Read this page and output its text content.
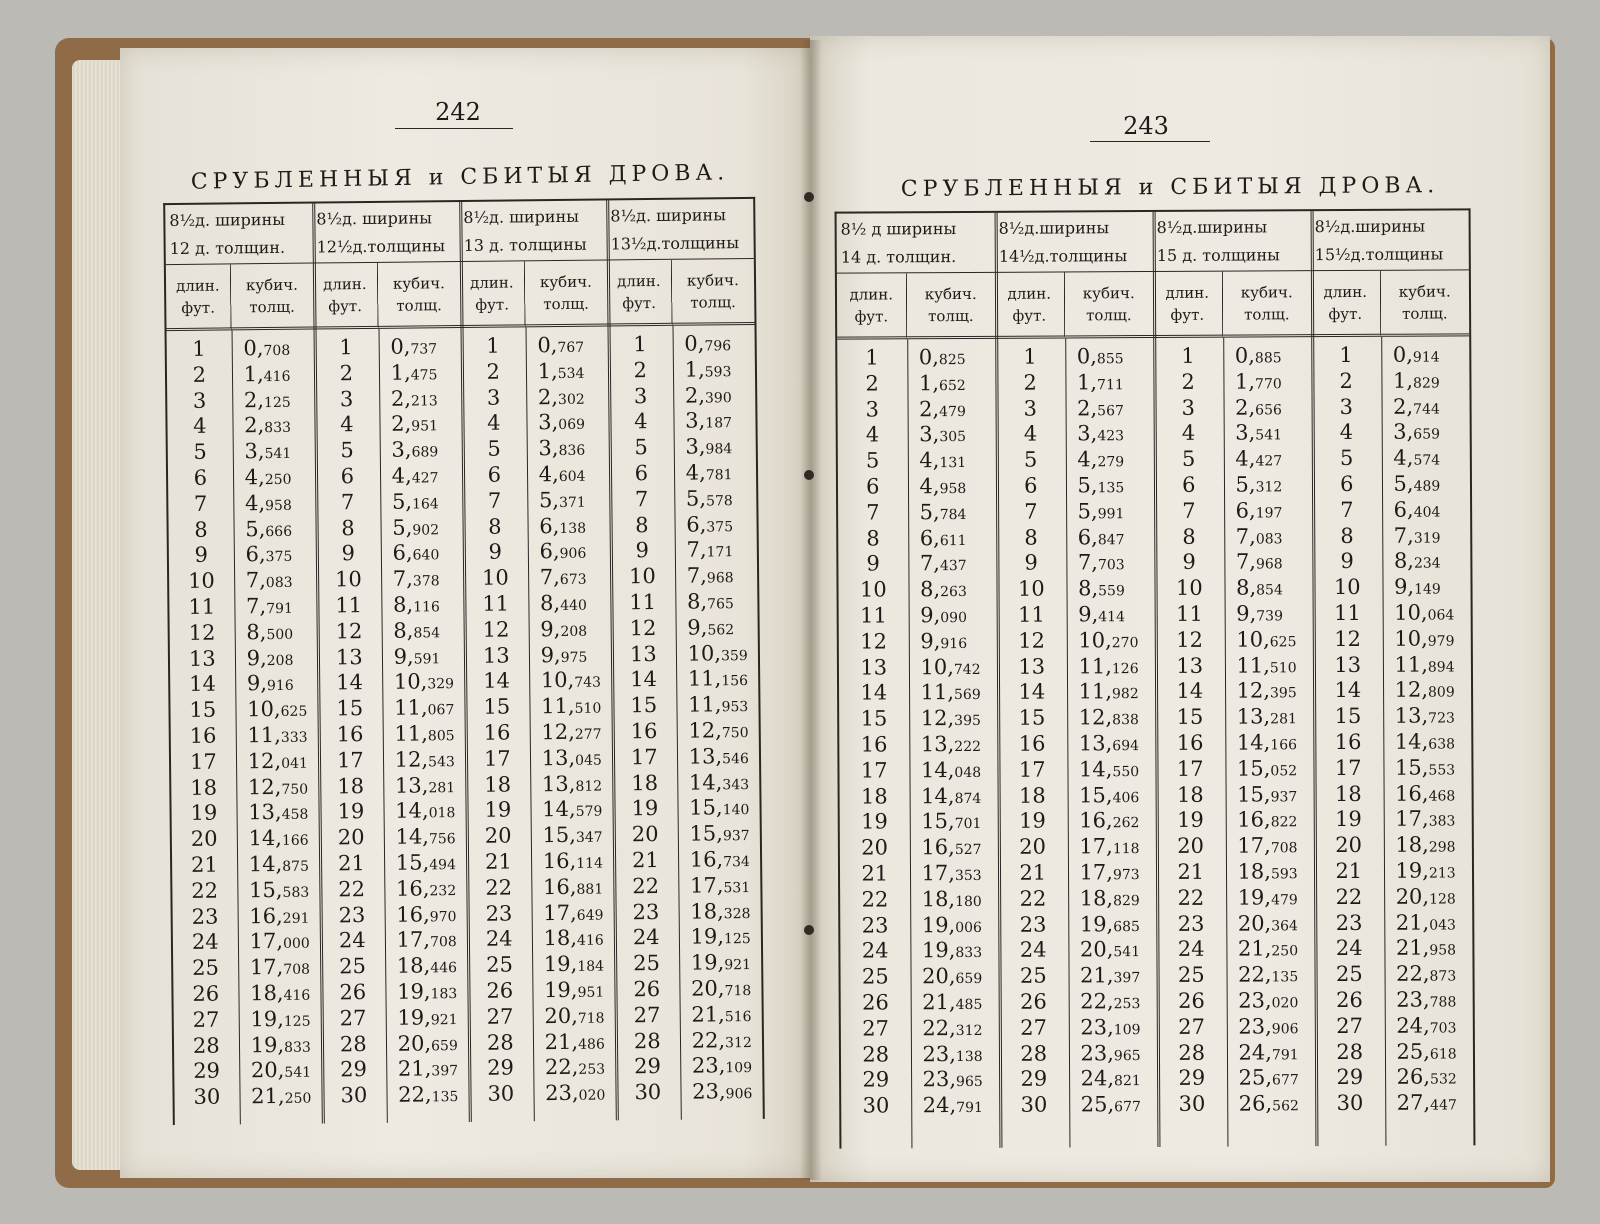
242
СРУБЛЕННЫЯ и СБИТЫЯ ДРОВА.
8½д. ширины
12 д. толщин.
длин.
фут.
кубич.
толщ.
1	0,708
2	1,416
3	2,125
4	2,833
5	3,541
6	4,250
7	4,958
8	5,666
9	6,375
10	7,083
11	7,791
12	8,500
13	9,208
14	9,916
15	10,625
16	11,333
17	12,041
18	12,750
19	13,458
20	14,166
21	14,875
22	15,583
23	16,291
24	17,000
25	17,708
26	18,416
27	19,125
28	19,833
29	20,541
30	21,250
8½д. ширины
12½д.толщины
длин.
фут.
кубич.
толщ.
1	0,737
2	1,475
3	2,213
4	2,951
5	3,689
6	4,427
7	5,164
8	5,902
9	6,640
10	7,378
11	8,116
12	8,854
13	9,591
14	10,329
15	11,067
16	11,805
17	12,543
18	13,281
19	14,018
20	14,756
21	15,494
22	16,232
23	16,970
24	17,708
25	18,446
26	19,183
27	19,921
28	20,659
29	21,397
30	22,135
8½д. ширины
13 д. толщины
длин.
фут.
кубич.
толщ.
1	0,767
2	1,534
3	2,302
4	3,069
5	3,836
6	4,604
7	5,371
8	6,138
9	6,906
10	7,673
11	8,440
12	9,208
13	9,975
14	10,743
15	11,510
16	12,277
17	13,045
18	13,812
19	14,579
20	15,347
21	16,114
22	16,881
23	17,649
24	18,416
25	19,184
26	19,951
27	20,718
28	21,486
29	22,253
30	23,020
8½д. ширины
13½д.толщины
длин.
фут.
кубич.
толщ.
1	0,796
2	1,593
3	2,390
4	3,187
5	3,984
6	4,781
7	5,578
8	6,375
9	7,171
10	7,968
11	8,765
12	9,562
13	10,359
14	11,156
15	11,953
16	12,750
17	13,546
18	14,343
19	15,140
20	15,937
21	16,734
22	17,531
23	18,328
24	19,125
25	19,921
26	20,718
27	21,516
28	22,312
29	23,109
30	23,906
243
СРУБЛЕННЫЯ и СБИТЫЯ ДРОВА.
8½ д ширины
14 д. толщин.
длин.
фут.
кубич.
толщ.
1	0,825
2	1,652
3	2,479
4	3,305
5	4,131
6	4,958
7	5,784
8	6,611
9	7,437
10	8,263
11	9,090
12	9,916
13	10,742
14	11,569
15	12,395
16	13,222
17	14,048
18	14,874
19	15,701
20	16,527
21	17,353
22	18,180
23	19,006
24	19,833
25	20,659
26	21,485
27	22,312
28	23,138
29	23,965
30	24,791
8½д.ширины
14½д.толщины
длин.
фут.
кубич.
толщ.
1	0,855
2	1,711
3	2,567
4	3,423
5	4,279
6	5,135
7	5,991
8	6,847
9	7,703
10	8,559
11	9,414
12	10,270
13	11,126
14	11,982
15	12,838
16	13,694
17	14,550
18	15,406
19	16,262
20	17,118
21	17,973
22	18,829
23	19,685
24	20,541
25	21,397
26	22,253
27	23,109
28	23,965
29	24,821
30	25,677
8½д.ширины
15 д. толщины
длин.
фут.
кубич.
толщ.
1	0,885
2	1,770
3	2,656
4	3,541
5	4,427
6	5,312
7	6,197
8	7,083
9	7,968
10	8,854
11	9,739
12	10,625
13	11,510
14	12,395
15	13,281
16	14,166
17	15,052
18	15,937
19	16,822
20	17,708
21	18,593
22	19,479
23	20,364
24	21,250
25	22,135
26	23,020
27	23,906
28	24,791
29	25,677
30	26,562
8½д.ширины
15½д.толщины
длин.
фут.
кубич.
толщ.
1	0,914
2	1,829
3	2,744
4	3,659
5	4,574
6	5,489
7	6,404
8	7,319
9	8,234
10	9,149
11	10,064
12	10,979
13	11,894
14	12,809
15	13,723
16	14,638
17	15,553
18	16,468
19	17,383
20	18,298
21	19,213
22	20,128
23	21,043
24	21,958
25	22,873
26	23,788
27	24,703
28	25,618
29	26,532
30	27,447
